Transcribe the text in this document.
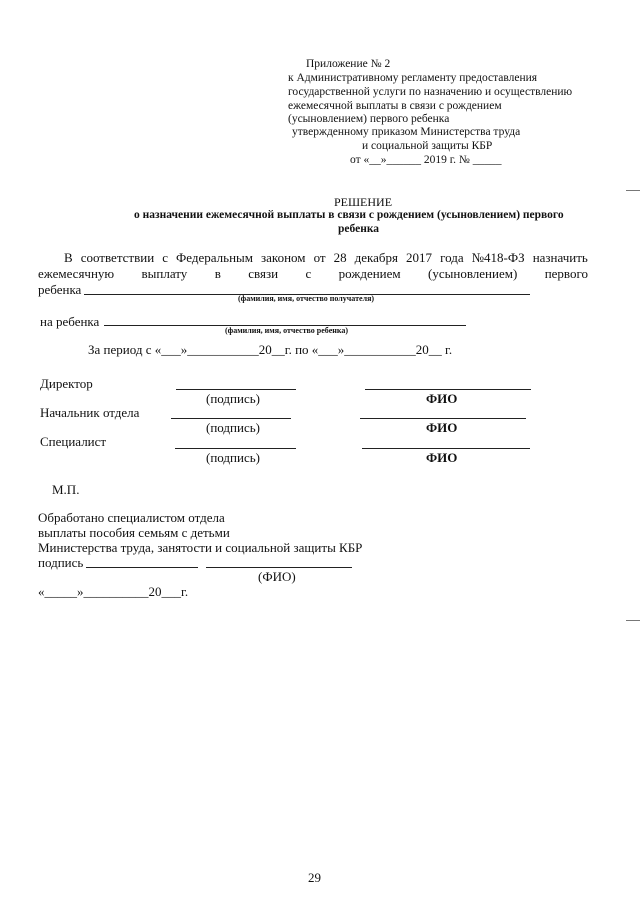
Приложение № 2
к Административному регламенту предоставления
государственной услуги по назначению и осуществлению
ежемесячной выплаты в связи с рождением
(усыновлением) первого ребенка
утвержденному приказом Министерства труда
и социальной защиты КБР
от «__»______ 2019 г. № _____
РЕШЕНИЕ
о назначении ежемесячной выплаты в связи с рождением (усыновлением) первого
ребенка
В соответствии с Федеральным законом от 28 декабря 2017 года №418-ФЗ назначить
ежемесячную выплату в связи с рождением (усыновлением) первого
ребенка
(фамилия, имя, отчество получателя)
на ребенка
(фамилия, имя, отчество ребенка)
За период с «___»___________20__г. по «___»___________20__ г.
Директор
(подпись)	ФИО
Начальник отдела
(подпись)	ФИО
Специалист
(подпись)	ФИО
М.П.
Обработано специалистом отдела
выплаты пособия семьям с детьми
Министерства труда, занятости и социальной защиты КБР
подпись
(ФИО)
«_____»__________20___г.
29
